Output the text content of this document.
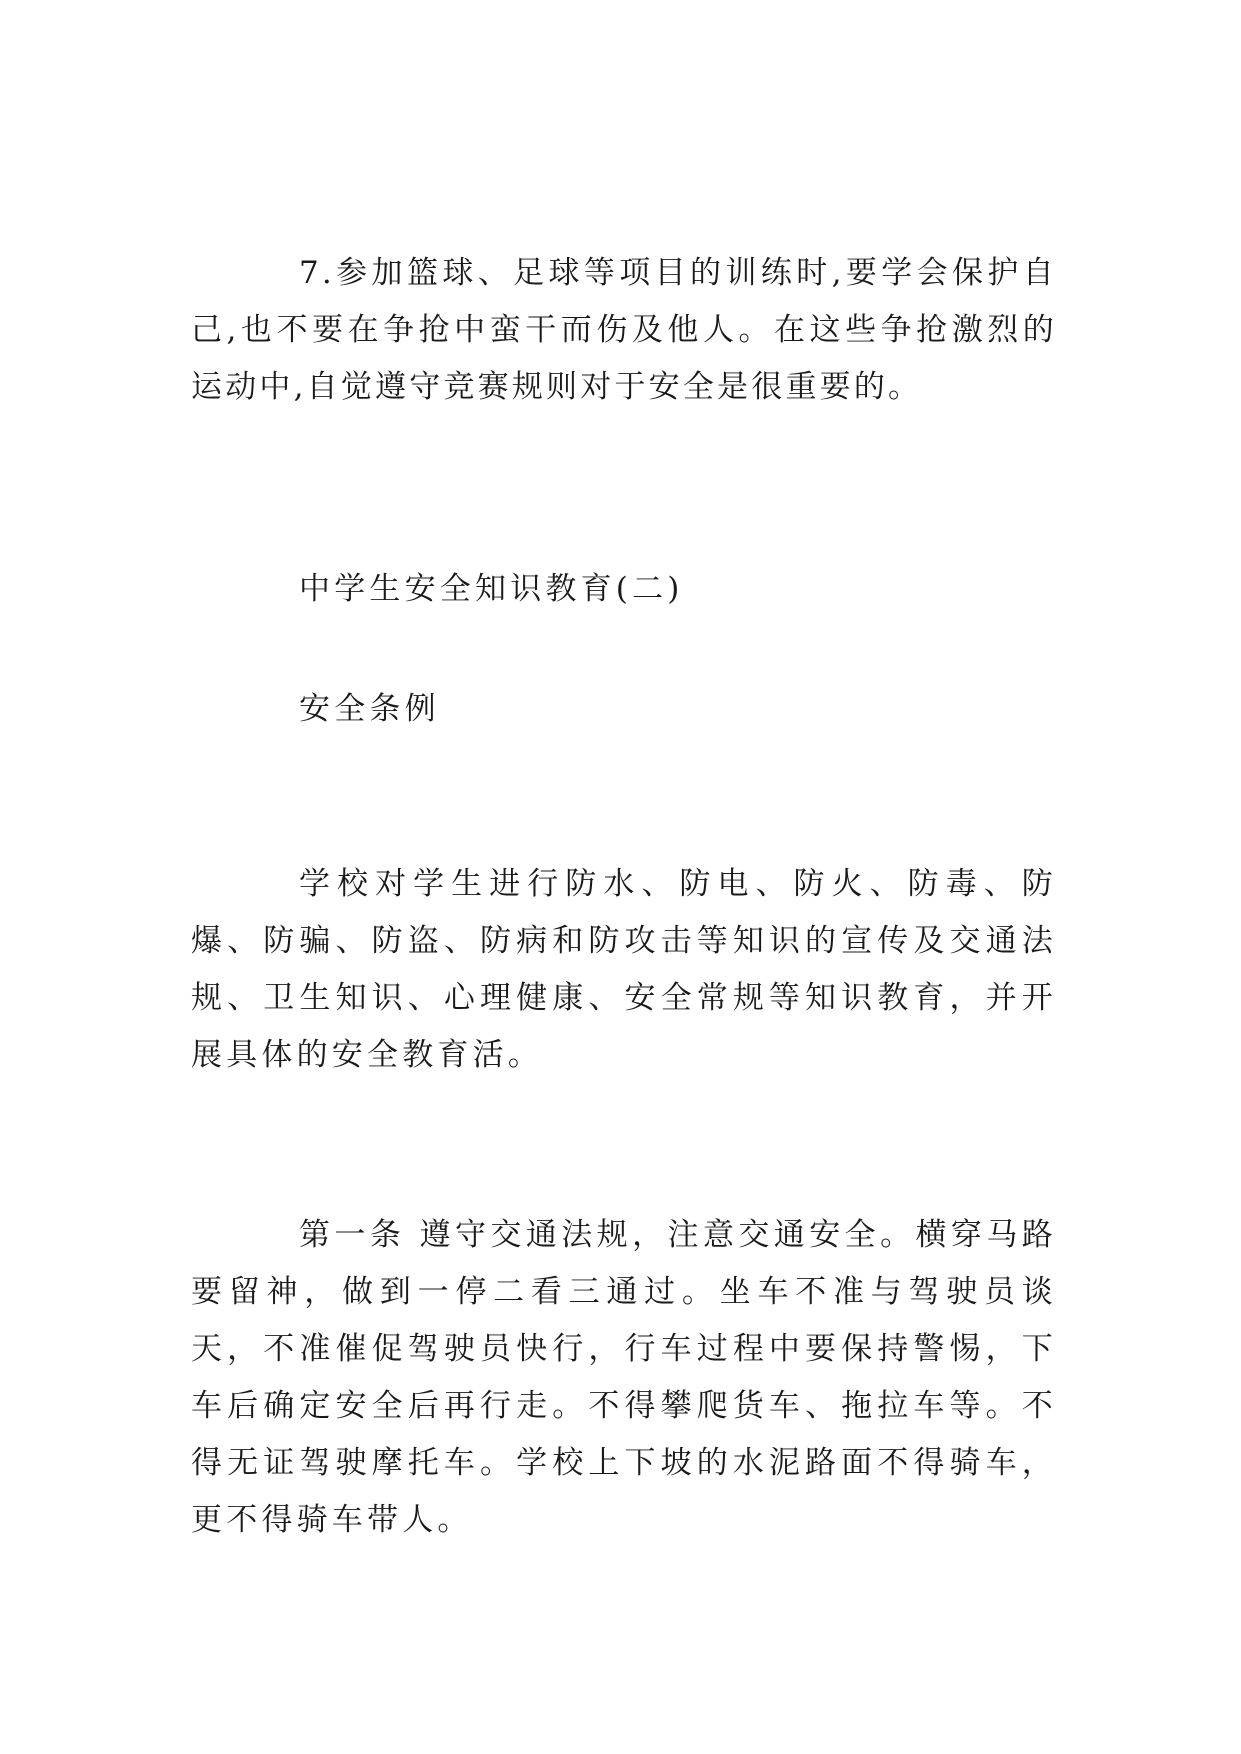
7.参加篮球、足球等项目的训练时,要学会保护自己,也不要在争抢中蛮干而伤及他人。在这些争抢激烈的运动中,自觉遵守竞赛规则对于安全是很重要的。

中学生安全知识教育(二)

安全条例

学校对学生进行防水、防电、防火、防毒、防爆、防骗、防盗、防病和防攻击等知识的宣传及交通法规、卫生知识、心理健康、安全常规等知识教育，并开展具体的安全教育活。

第一条 遵守交通法规，注意交通安全。横穿马路要留神，做到一停二看三通过。坐车不准与驾驶员谈天，不准催促驾驶员快行，行车过程中要保持警惕，下车后确定安全后再行走。不得攀爬货车、拖拉车等。不得无证驾驶摩托车。学校上下坡的水泥路面不得骑车，更不得骑车带人。
